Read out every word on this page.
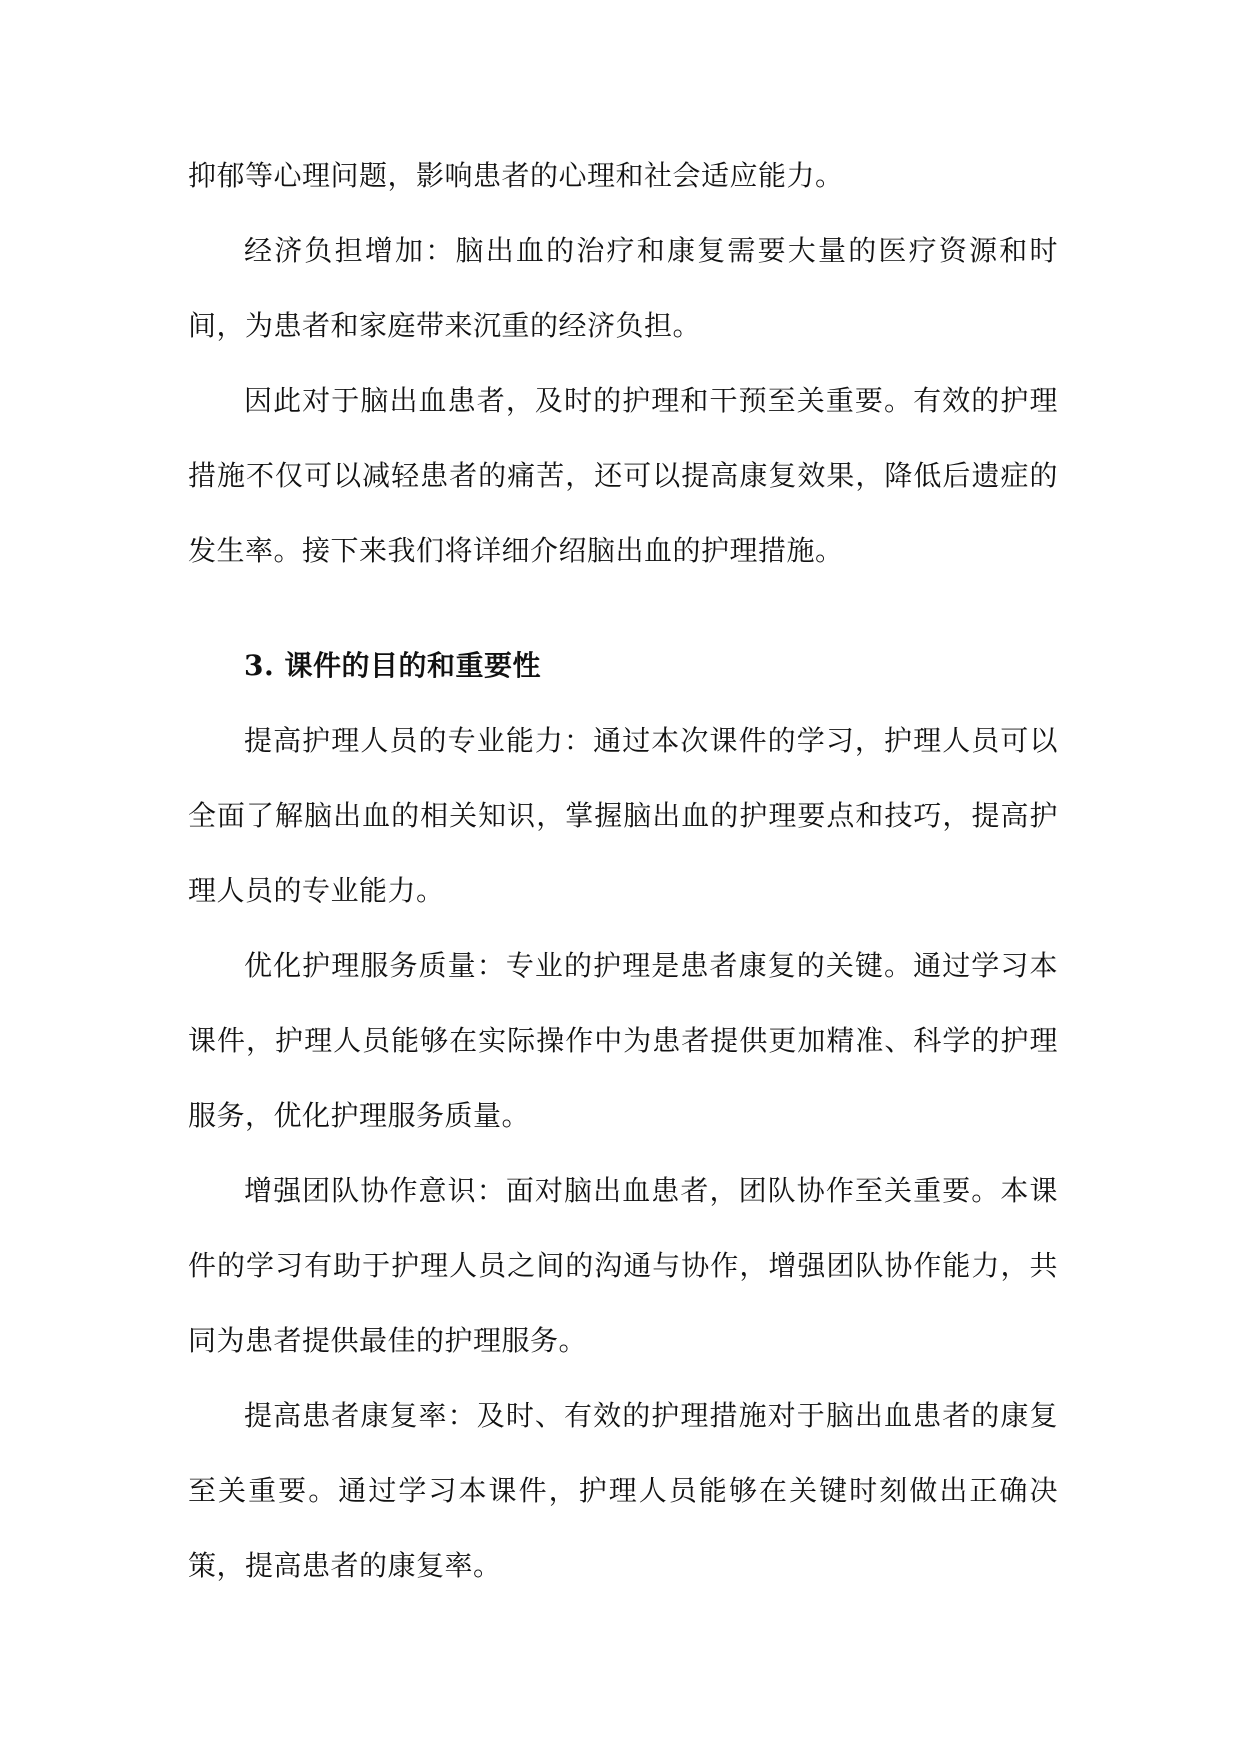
抑郁等心理问题，影响患者的心理和社会适应能力。

经济负担增加：脑出血的治疗和康复需要大量的医疗资源和时间，为患者和家庭带来沉重的经济负担。

因此对于脑出血患者，及时的护理和干预至关重要。有效的护理措施不仅可以减轻患者的痛苦，还可以提高康复效果，降低后遗症的发生率。接下来我们将详细介绍脑出血的护理措施。

3. 课件的目的和重要性

提高护理人员的专业能力：通过本次课件的学习，护理人员可以全面了解脑出血的相关知识，掌握脑出血的护理要点和技巧，提高护理人员的专业能力。

优化护理服务质量：专业的护理是患者康复的关键。通过学习本课件，护理人员能够在实际操作中为患者提供更加精准、科学的护理服务，优化护理服务质量。

增强团队协作意识：面对脑出血患者，团队协作至关重要。本课件的学习有助于护理人员之间的沟通与协作，增强团队协作能力，共同为患者提供最佳的护理服务。

提高患者康复率：及时、有效的护理措施对于脑出血患者的康复至关重要。通过学习本课件，护理人员能够在关键时刻做出正确决策，提高患者的康复率。
